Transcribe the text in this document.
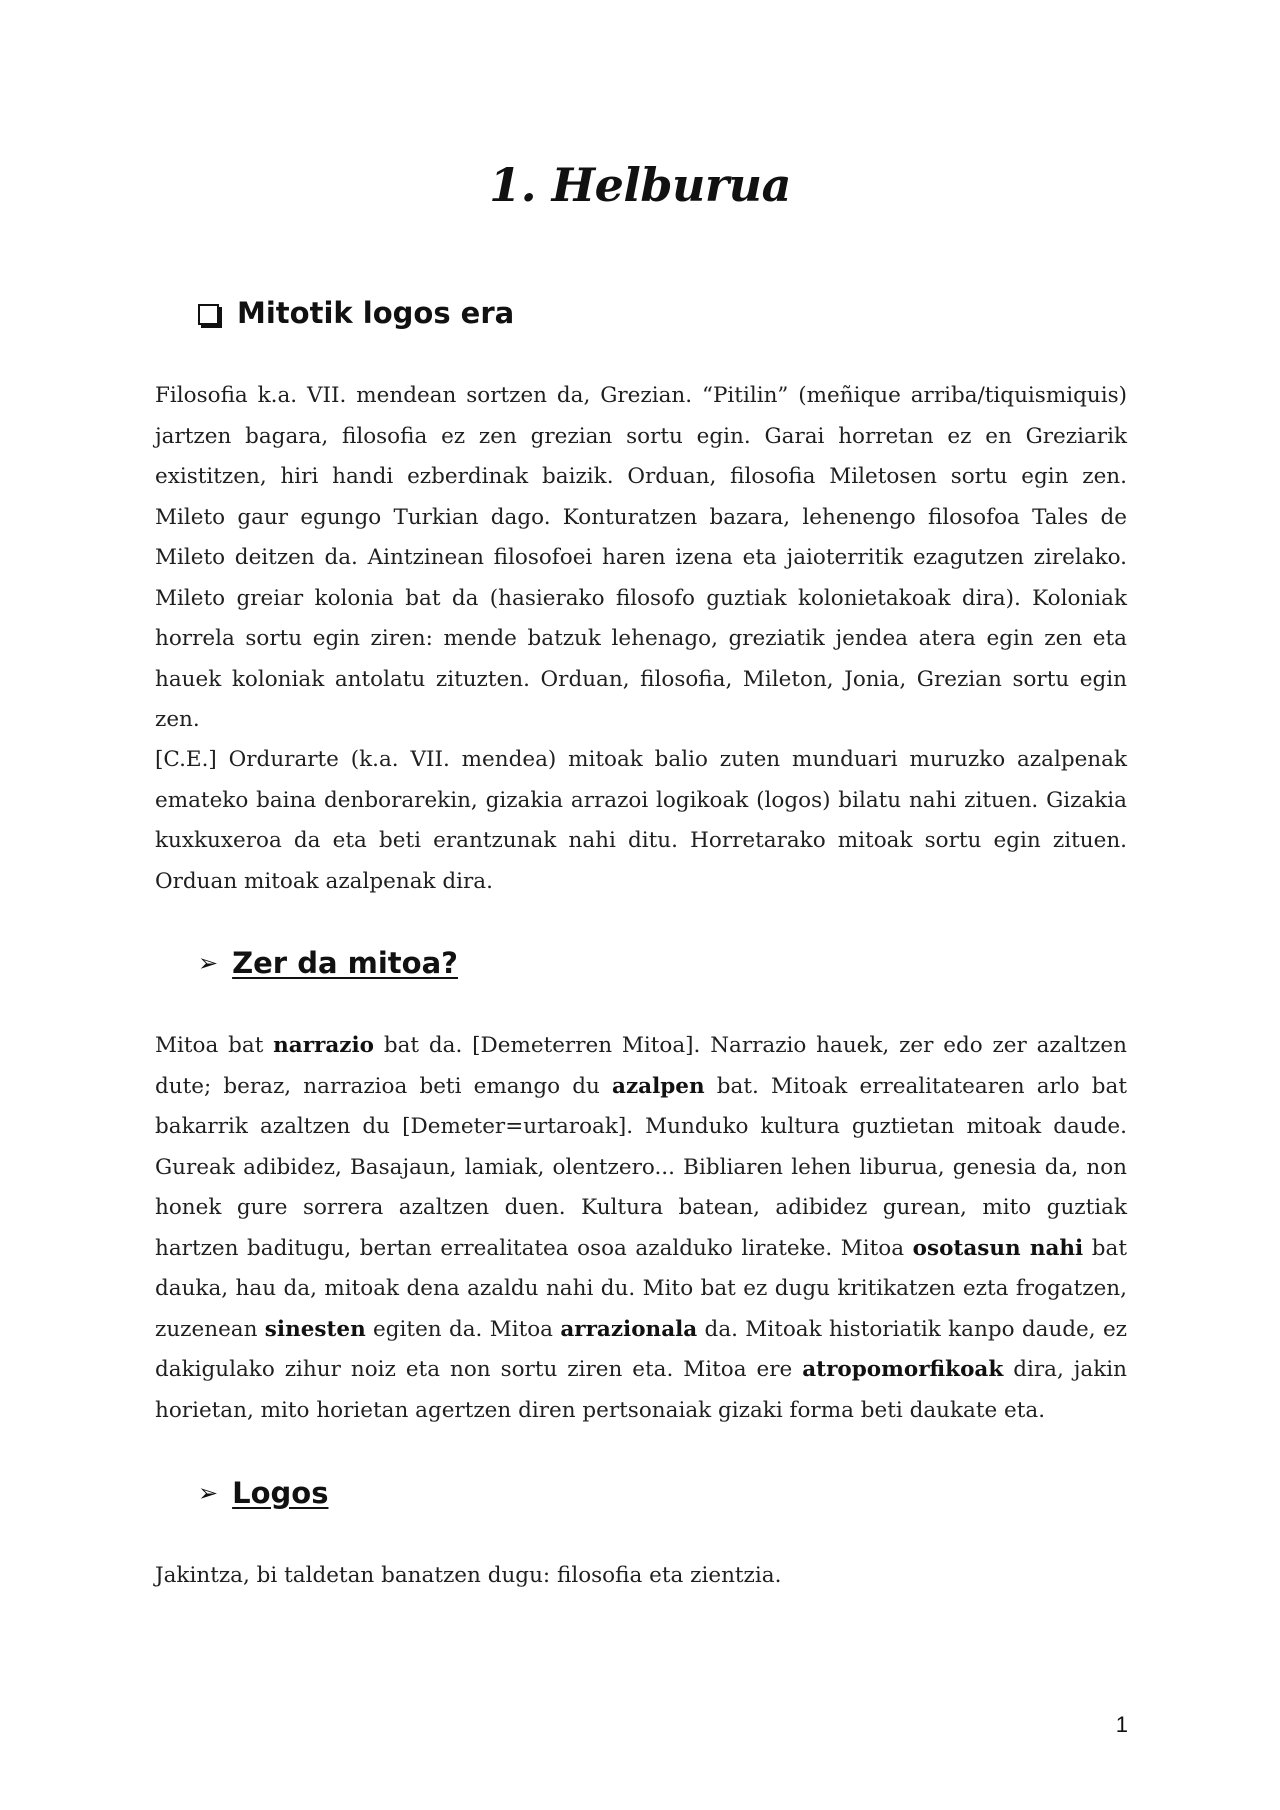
1. Helburua
Mitotik logos era

Filosofia k.a. VII. mendean sortzen da, Grezian. “Pitilin” (meñique arriba/tiquismiquis) jartzen bagara, filosofia ez zen grezian sortu egin. Garai horretan ez en Greziarik existitzen, hiri handi ezberdinak baizik. Orduan, filosofia Miletosen sortu egin zen. Mileto gaur egungo Turkian dago. Konturatzen bazara, lehenengo filosofoa Tales de Mileto deitzen da. Aintzinean filosofoei haren izena eta jaioterritik ezagutzen zirelako. Mileto greiar kolonia bat da (hasierako filosofo guztiak kolonietakoak dira). Koloniak horrela sortu egin ziren: mende batzuk lehenago, greziatik jendea atera egin zen eta hauek koloniak antolatu zituzten. Orduan, filosofia, Mileton, Jonia, Grezian sortu egin zen.

[C.E.] Ordurarte (k.a. VII. mendea) mitoak balio zuten munduari muruzko azalpenak emateko baina denborarekin, gizakia arrazoi logikoak (logos) bilatu nahi zituen. Gizakia kuxkuxeroa da eta beti erantzunak nahi ditu. Horretarako mitoak sortu egin zituen. Orduan mitoak azalpenak dira.

➢ Zer da mitoa?

Mitoa bat narrazio bat da. [Demeterren Mitoa]. Narrazio hauek, zer edo zer azaltzen dute; beraz, narrazioa beti emango du azalpen bat. Mitoak errealitatearen arlo bat bakarrik azaltzen du [Demeter=urtaroak]. Munduko kultura guztietan mitoak daude. Gureak adibidez, Basajaun, lamiak, olentzero... Bibliaren lehen liburua, genesia da, non honek gure sorrera azaltzen duen. Kultura batean, adibidez gurean, mito guztiak hartzen baditugu, bertan errealitatea osoa azalduko lirateke. Mitoa osotasun nahi bat dauka, hau da, mitoak dena azaldu nahi du. Mito bat ez dugu kritikatzen ezta frogatzen, zuzenean sinesten egiten da. Mitoa arrazionala da. Mitoak historiatik kanpo daude, ez dakigulako zihur noiz eta non sortu ziren eta. Mitoa ere atropomorfikoak dira, jakin horietan, mito horietan agertzen diren pertsonaiak gizaki forma beti daukate eta.

➢ Logos

Jakintza, bi taldetan banatzen dugu: filosofia eta zientzia.

1
